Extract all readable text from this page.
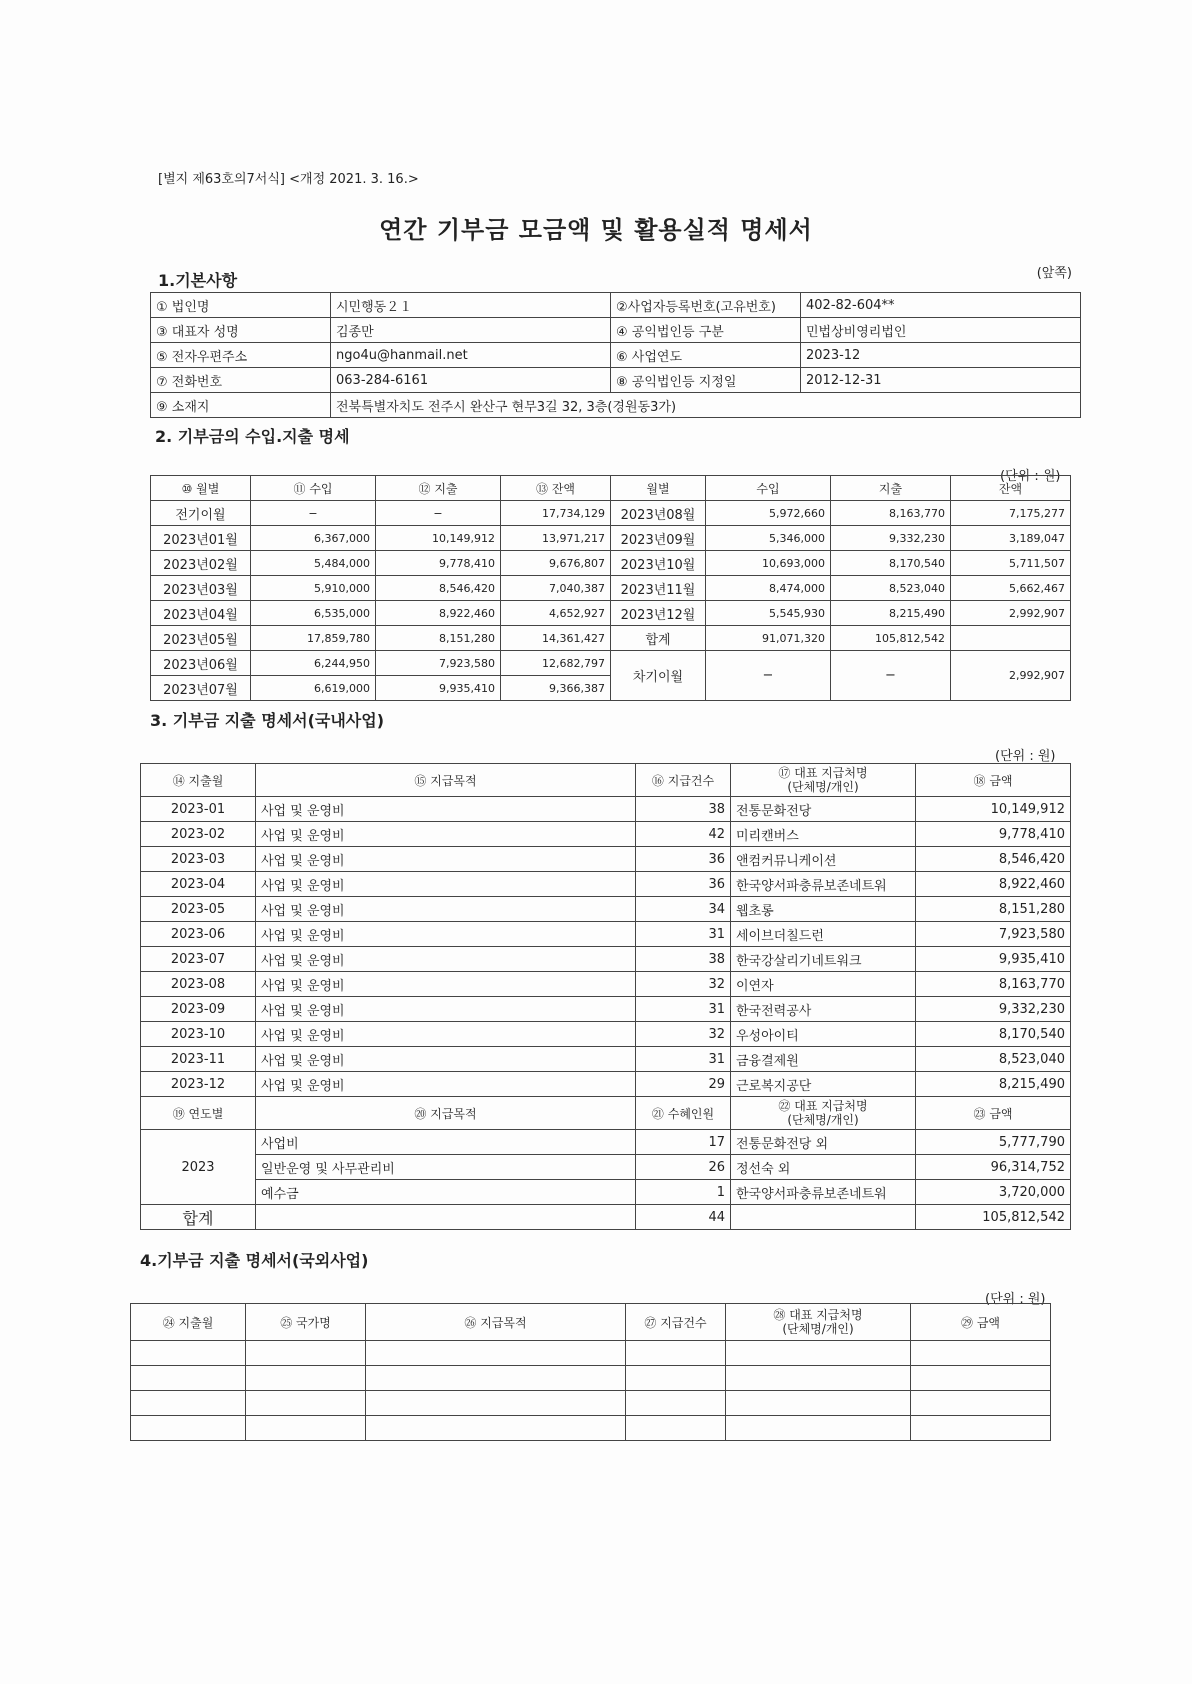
[별지 제63호의7서식] <개정 2021. 3. 16.>
연간 기부금 모금액 및 활용실적 명세서
(앞쪽)
1.기본사항
① 법인명	시민행동２１	②사업자등록번호(고유번호)	402-82-604**
③ 대표자 성명	김종만	④ 공익법인등 구분	민법상비영리법인
⑤ 전자우편주소	ngo4u@hanmail.net	⑥ 사업연도	2023-12
⑦ 전화번호	063-284-6161	⑧ 공익법인등 지정일	2012-12-31
⑨ 소재지	전북특별자치도 전주시 완산구 현무3길 32, 3층(경원동3가)		
2. 기부금의 수입.지출 명세
(단위 : 원)
⑩ 월별	⑪ 수입	⑫ 지출	⑬ 잔액	월별	수입	지출	잔액
전기이월	−	−	17,734,129	2023년08월	5,972,660	8,163,770	7,175,277
2023년01월	6,367,000	10,149,912	13,971,217	2023년09월	5,346,000	9,332,230	3,189,047
2023년02월	5,484,000	9,778,410	9,676,807	2023년10월	10,693,000	8,170,540	5,711,507
2023년03월	5,910,000	8,546,420	7,040,387	2023년11월	8,474,000	8,523,040	5,662,467
2023년04월	6,535,000	8,922,460	4,652,927	2023년12월	5,545,930	8,215,490	2,992,907
2023년05월	17,859,780	8,151,280	14,361,427	합계	91,071,320	105,812,542	
2023년06월	6,244,950	7,923,580	12,682,797	차기이월	−	−	2,992,907
2023년07월	6,619,000	9,935,410	9,366,387				
3. 기부금 지출 명세서(국내사업)
(단위 : 원)
⑭ 지출월	⑮ 지급목적	⑯ 지급건수	⑰ 대표 지급처명
(단체명/개인)	⑱ 금액
2023-01	사업 및 운영비	38	전통문화전당	10,149,912
2023-02	사업 및 운영비	42	미리캔버스	9,778,410
2023-03	사업 및 운영비	36	앤컴커뮤니케이션	8,546,420
2023-04	사업 및 운영비	36	한국양서파충류보존네트워	8,922,460
2023-05	사업 및 운영비	34	웹초롱	8,151,280
2023-06	사업 및 운영비	31	세이브더칠드런	7,923,580
2023-07	사업 및 운영비	38	한국강살리기네트워크	9,935,410
2023-08	사업 및 운영비	32	이연자	8,163,770
2023-09	사업 및 운영비	31	한국전력공사	9,332,230
2023-10	사업 및 운영비	32	우성아이티	8,170,540
2023-11	사업 및 운영비	31	금융결제원	8,523,040
2023-12	사업 및 운영비	29	근로복지공단	8,215,490
⑲ 연도별	⑳ 지급목적	㉑ 수혜인원	㉒ 대표 지급처명
(단체명/개인)	㉓ 금액
2023	사업비	17	전통문화전당 외	5,777,790
	일반운영 및 사무관리비	26	정선숙 외	96,314,752
	예수금	1	한국양서파충류보존네트워	3,720,000
합계		44		105,812,542
4.기부금 지출 명세서(국외사업)
(단위 : 원)
㉔ 지출월	㉕ 국가명	㉖ 지급목적	㉗ 지급건수	㉘ 대표 지급처명
(단체명/개인)	㉙ 금액
